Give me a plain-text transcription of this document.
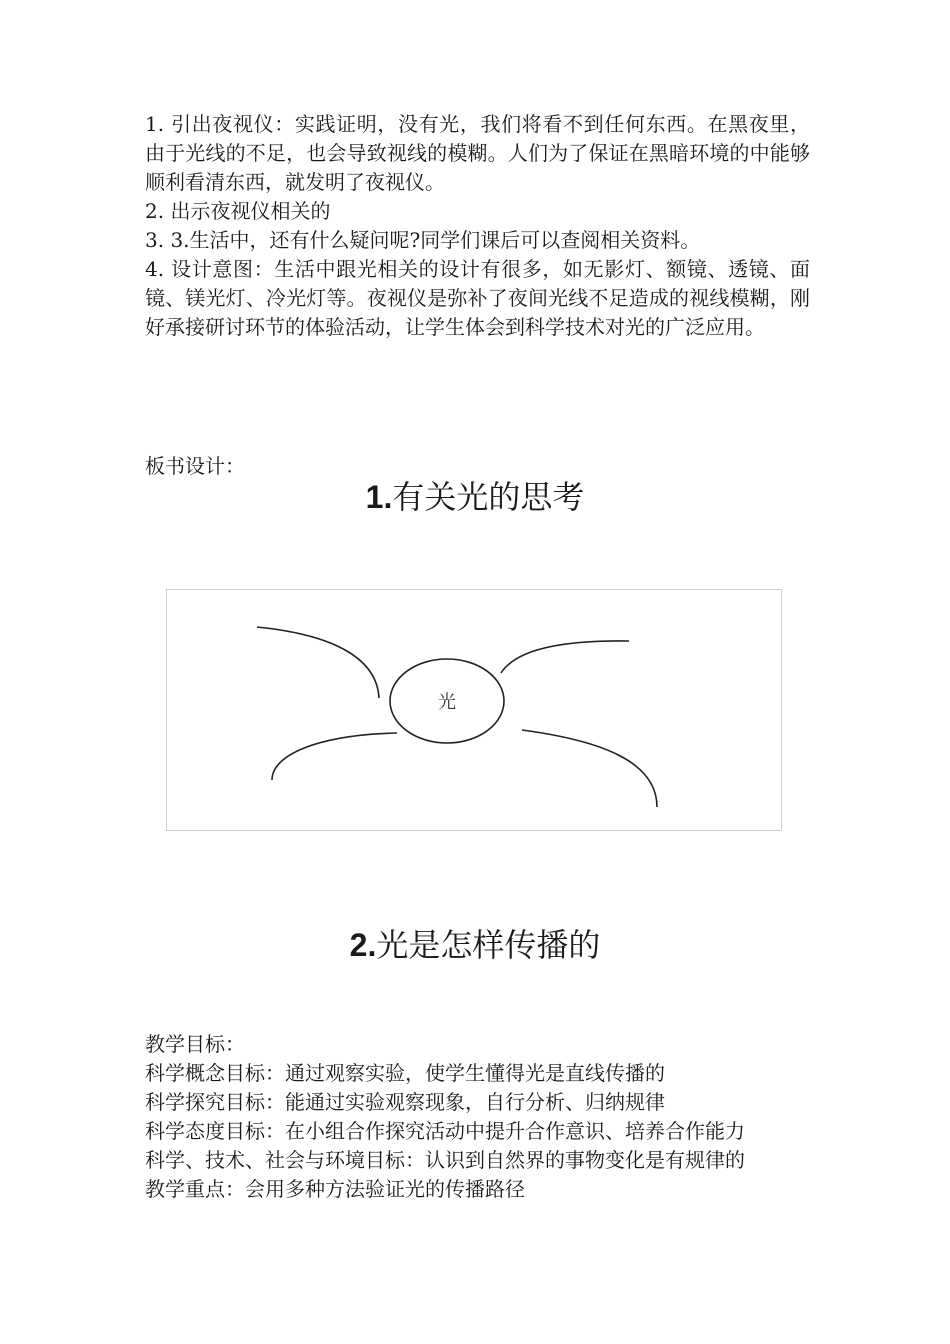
1. 引出夜视仪：实践证明，没有光，我们将看不到任何东西。在黑夜里，由于光线的不足，也会导致视线的模糊。人们为了保证在黑暗环境的中能够顺利看清东西，就发明了夜视仪。

2. 出示夜视仪相关的

3. 3.生活中，还有什么疑问呢?同学们课后可以查阅相关资料。

4. 设计意图：生活中跟光相关的设计有很多，如无影灯、额镜、透镜、面镜、镁光灯、冷光灯等。夜视仪是弥补了夜间光线不足造成的视线模糊，刚好承接研讨环节的体验活动，让学生体会到科学技术对光的广泛应用。

板书设计：
1.有关光的思考
光
2.光是怎样传播的

教学目标：

科学概念目标：通过观察实验，使学生懂得光是直线传播的

科学探究目标：能通过实验观察现象，自行分析、归纳规律

科学态度目标：在小组合作探究活动中提升合作意识、培养合作能力

科学、技术、社会与环境目标：认识到自然界的事物变化是有规律的

教学重点：会用多种方法验证光的传播路径
